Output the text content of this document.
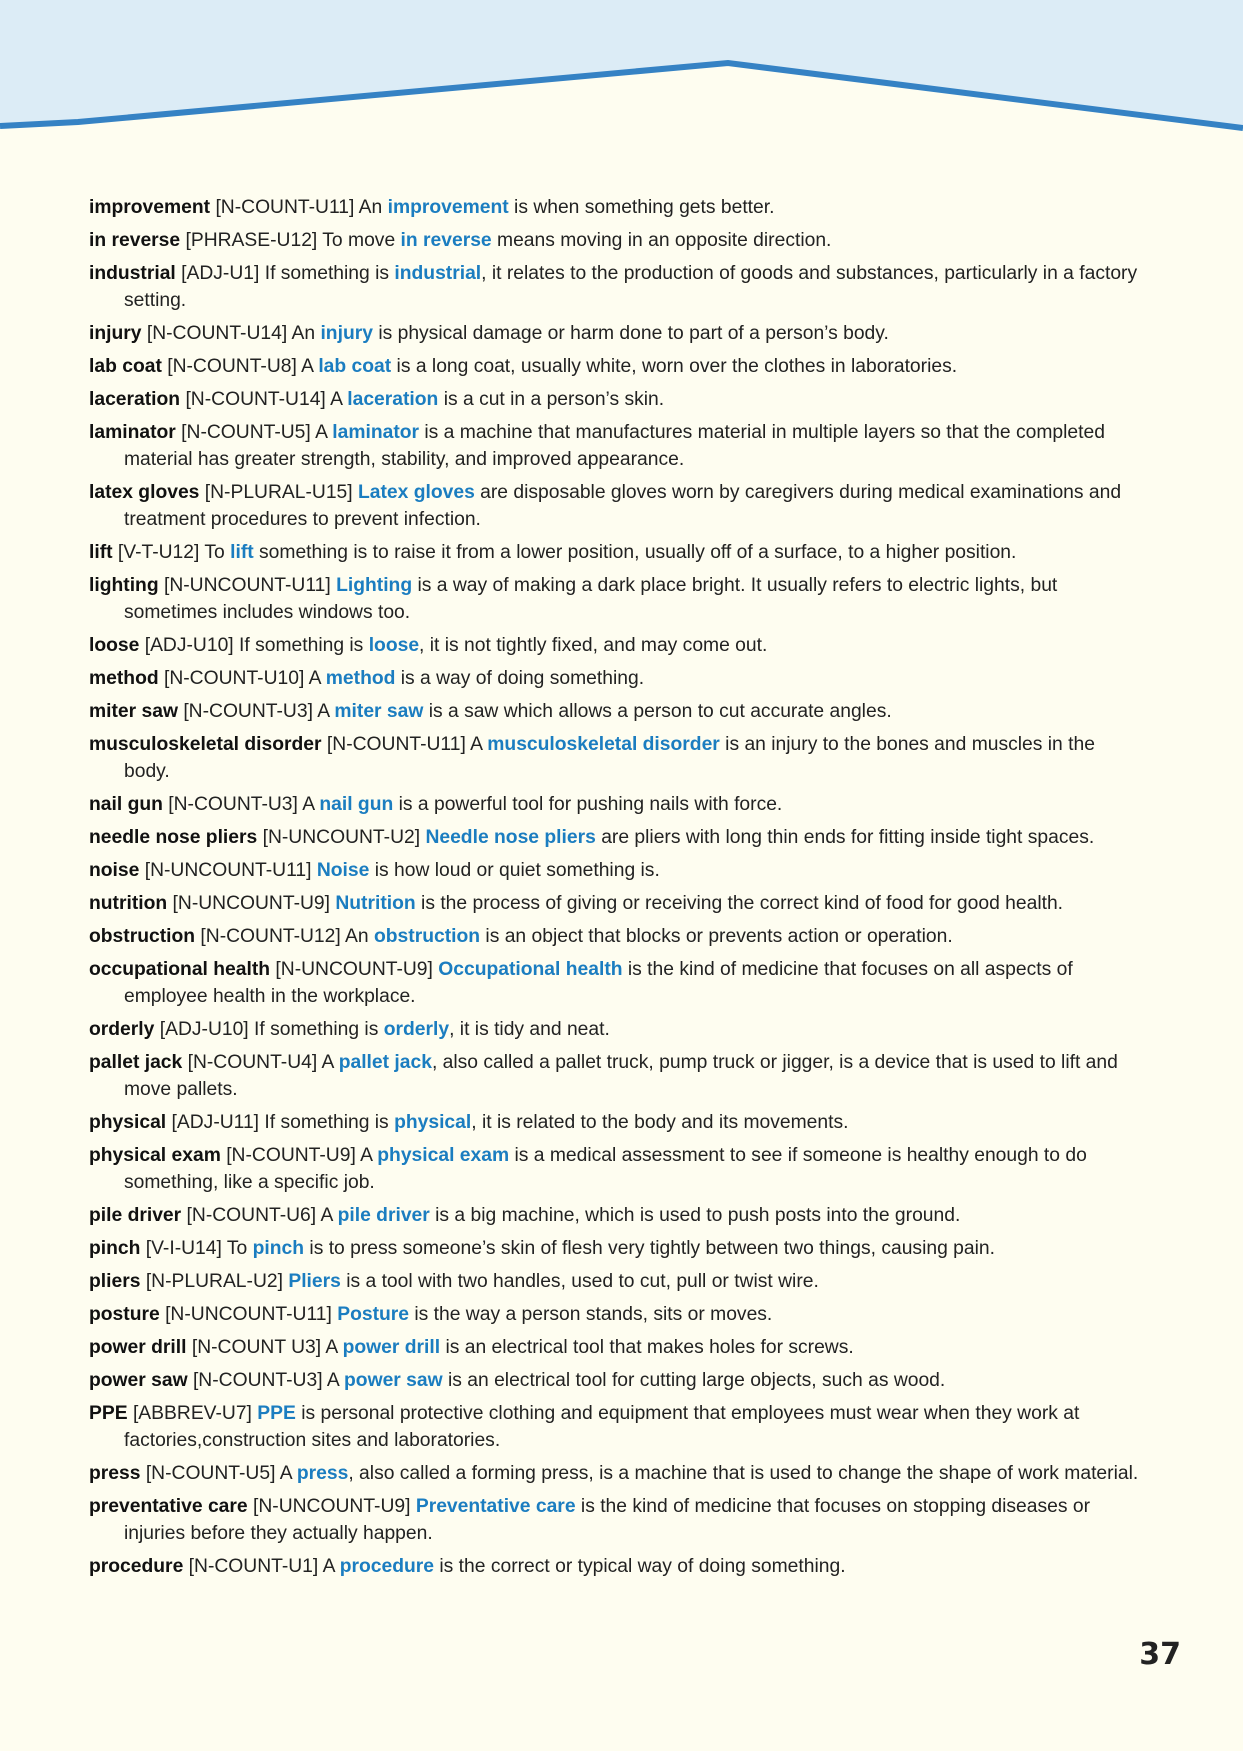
improvement [N-COUNT-U11] An improvement is when something gets better.

in reverse [PHRASE-U12] To move in reverse means moving in an opposite direction.

industrial [ADJ-U1] If something is industrial, it relates to the production of goods and substances, particularly in a factory setting.

injury [N-COUNT-U14] An injury is physical damage or harm done to part of a person’s body.

lab coat [N-COUNT-U8] A lab coat is a long coat, usually white, worn over the clothes in laboratories.

laceration [N-COUNT-U14] A laceration is a cut in a person’s skin.

laminator [N-COUNT-U5] A laminator is a machine that manufactures material in multiple layers so that the completed material has greater strength, stability, and improved appearance.

latex gloves [N-PLURAL-U15] Latex gloves are disposable gloves worn by caregivers during medical examinations and treatment procedures to prevent infection.

lift [V-T-U12] To lift something is to raise it from a lower position, usually off of a surface, to a higher position.

lighting [N-UNCOUNT-U11] Lighting is a way of making a dark place bright. It usually refers to electric lights, but sometimes includes windows too.

loose [ADJ-U10] If something is loose, it is not tightly fixed, and may come out.

method [N-COUNT-U10] A method is a way of doing something.

miter saw [N-COUNT-U3] A miter saw is a saw which allows a person to cut accurate angles.

musculoskeletal disorder [N-COUNT-U11] A musculoskeletal disorder is an injury to the bones and muscles in the body.

nail gun [N-COUNT-U3] A nail gun is a powerful tool for pushing nails with force.

needle nose pliers [N-UNCOUNT-U2] Needle nose pliers are pliers with long thin ends for fitting inside tight spaces.

noise [N-UNCOUNT-U11] Noise is how loud or quiet something is.

nutrition [N-UNCOUNT-U9] Nutrition is the process of giving or receiving the correct kind of food for good health.

obstruction [N-COUNT-U12] An obstruction is an object that blocks or prevents action or operation.

occupational health [N-UNCOUNT-U9] Occupational health is the kind of medicine that focuses on all aspects of employee health in the workplace.

orderly [ADJ-U10] If something is orderly, it is tidy and neat.

pallet jack [N-COUNT-U4] A pallet jack, also called a pallet truck, pump truck or jigger, is a device that is used to lift and move pallets.

physical [ADJ-U11] If something is physical, it is related to the body and its movements.

physical exam [N-COUNT-U9] A physical exam is a medical assessment to see if someone is healthy enough to do something, like a specific job.

pile driver [N-COUNT-U6] A pile driver is a big machine, which is used to push posts into the ground.

pinch [V-I-U14] To pinch is to press someone’s skin of flesh very tightly between two things, causing pain.

pliers [N-PLURAL-U2] Pliers is a tool with two handles, used to cut, pull or twist wire.

posture [N-UNCOUNT-U11] Posture is the way a person stands, sits or moves.

power drill [N-COUNT U3] A power drill is an electrical tool that makes holes for screws.

power saw [N-COUNT-U3] A power saw is an electrical tool for cutting large objects, such as wood.

PPE [ABBREV-U7] PPE is personal protective clothing and equipment that employees must wear when they work at factories,construction sites and laboratories.

press [N-COUNT-U5] A press, also called a forming press, is a machine that is used to change the shape of work material.

preventative care [N-UNCOUNT-U9] Preventative care is the kind of medicine that focuses on stopping diseases or injuries before they actually happen.

procedure [N-COUNT-U1] A procedure is the correct or typical way of doing something.

37
